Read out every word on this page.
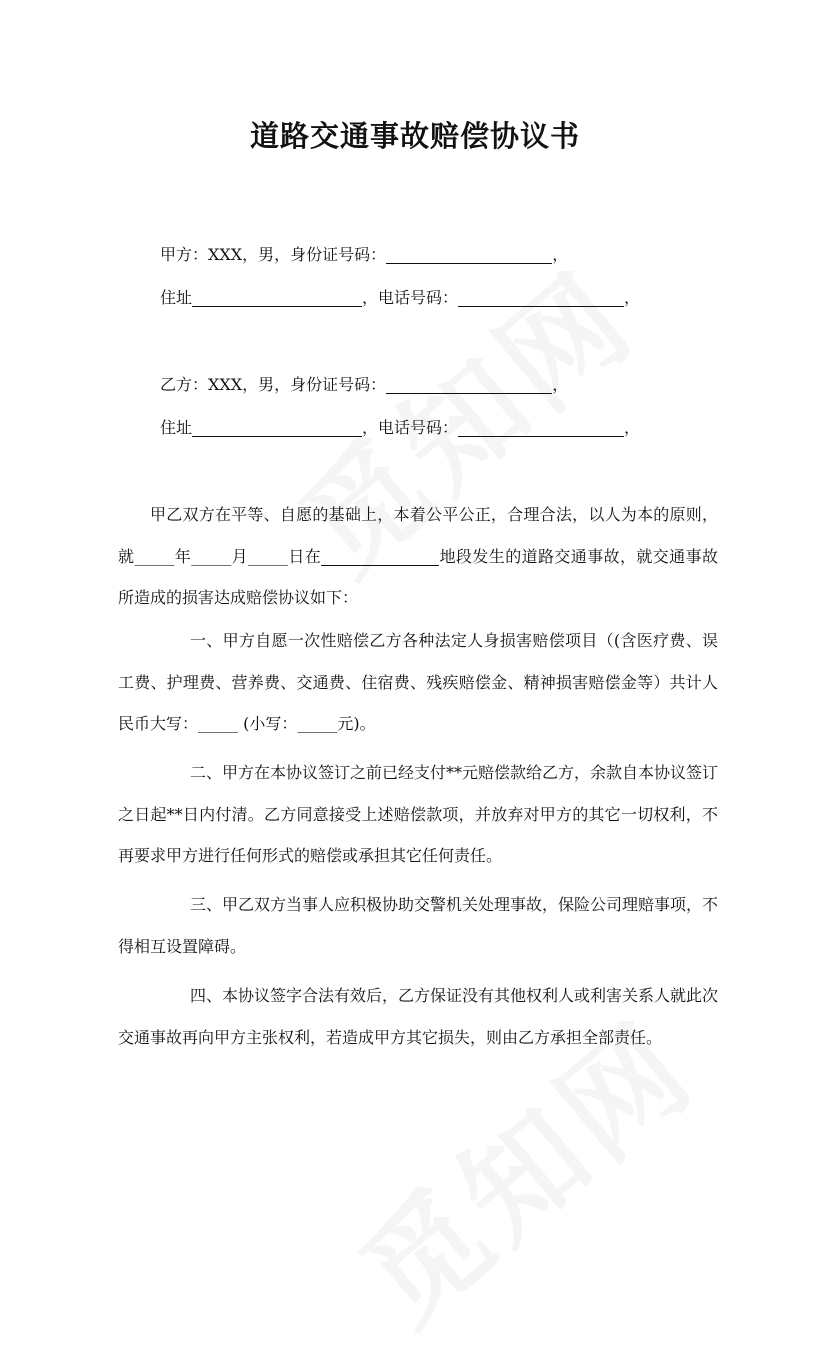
道路交通事故赔偿协议书
甲方：XXX，男，身份证号码：	，
住址	，电话号码：	，
乙方：XXX，男，身份证号码：	，
住址	，电话号码：	，
甲乙双方在平等、自愿的基础上，本着公平公正，合理合法，以人为本的原则，就_____年_____月_____日在	地段发生的道路交通事故，就交通事故所造成的损害达成赔偿协议如下：
一、甲方自愿一次性赔偿乙方各种法定人身损害赔偿项目（(含医疗费、误工费、护理费、营养费、交通费、住宿费、残疾赔偿金、精神损害赔偿金等）共计人民币大写：_____ (小写：_____元)。
二、甲方在本协议签订之前已经支付**元赔偿款给乙方，余款自本协议签订之日起**日内付清。乙方同意接受上述赔偿款项，并放弃对甲方的其它一切权利，不再要求甲方进行任何形式的赔偿或承担其它任何责任。
三、甲乙双方当事人应积极协助交警机关处理事故，保险公司理赔事项，不得相互设置障碍。
四、本协议签字合法有效后，乙方保证没有其他权利人或利害关系人就此次交通事故再向甲方主张权利，若造成甲方其它损失，则由乙方承担全部责任。
